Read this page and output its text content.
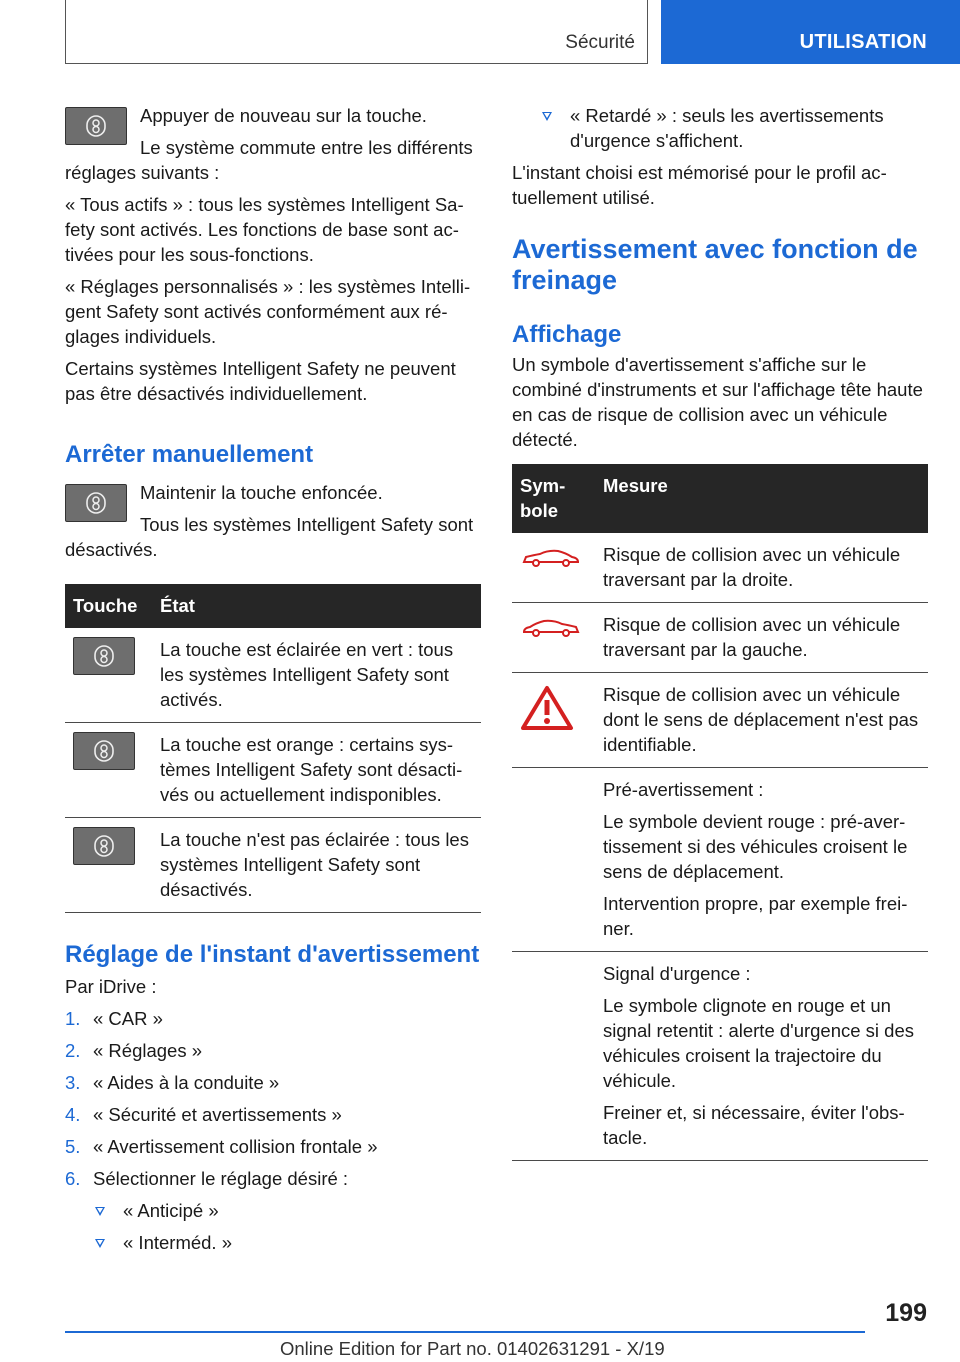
Sécurité	UTILISATION

Appuyer de nouveau sur la touche.

Le système commute entre les différents réglages suivants :

« Tous actifs » : tous les systèmes Intelligent Safety sont activés. Les fonctions de base sont activées pour les sous-fonctions.

« Réglages personnalisés » : les systèmes Intelligent Safety sont activés conformément aux réglages individuels.

Certains systèmes Intelligent Safety ne peuvent pas être désactivés individuellement.

Arrêter manuellement

Maintenir la touche enfoncée.

Tous les systèmes Intelligent Safety sont désactivés.

Touche	État

	La touche est éclairée en vert : tous les systèmes Intelligent Safety sont activés.

	La touche est orange : certains systèmes Intelligent Safety sont désactivés ou actuellement indisponibles.

	La touche n'est pas éclairée : tous les systèmes Intelligent Safety sont désactivés.
Réglage de l'instant d'avertissement

Par iDrive :

1. « CAR »
2. « Réglages »
3. « Aides à la conduite »
4. « Sécurité et avertissements »
5. « Avertissement collision frontale »
6. Sélectionner le réglage désiré :
« Anticipé »
« Interméd. »
« Retardé » : seuls les avertissements d'urgence s'affichent.

L'instant choisi est mémorisé pour le profil actuellement utilisé.

Avertissement avec fonction de freinage
Affichage

Un symbole d'avertissement s'affiche sur le combiné d'instruments et sur l'affichage tête haute en cas de risque de collision avec un véhicule détecté.

Symbole	Mesure
	Risque de collision avec un véhicule traversant par la droite.
	Risque de collision avec un véhicule traversant par la gauche.
	Risque de collision avec un véhicule dont le sens de déplacement n'est pas identifiable.

	Pré-avertissement :

Le symbole devient rouge : pré-avertissement si des véhicules croisent le sens de déplacement.

Intervention propre, par exemple freiner.

	Signal d'urgence :

Le symbole clignote en rouge et un signal retentit : alerte d'urgence si des véhicules croisent la trajectoire du véhicule.

Freiner et, si nécessaire, éviter l'obstacle.

199
Online Edition for Part no. 01402631291 - X/19
